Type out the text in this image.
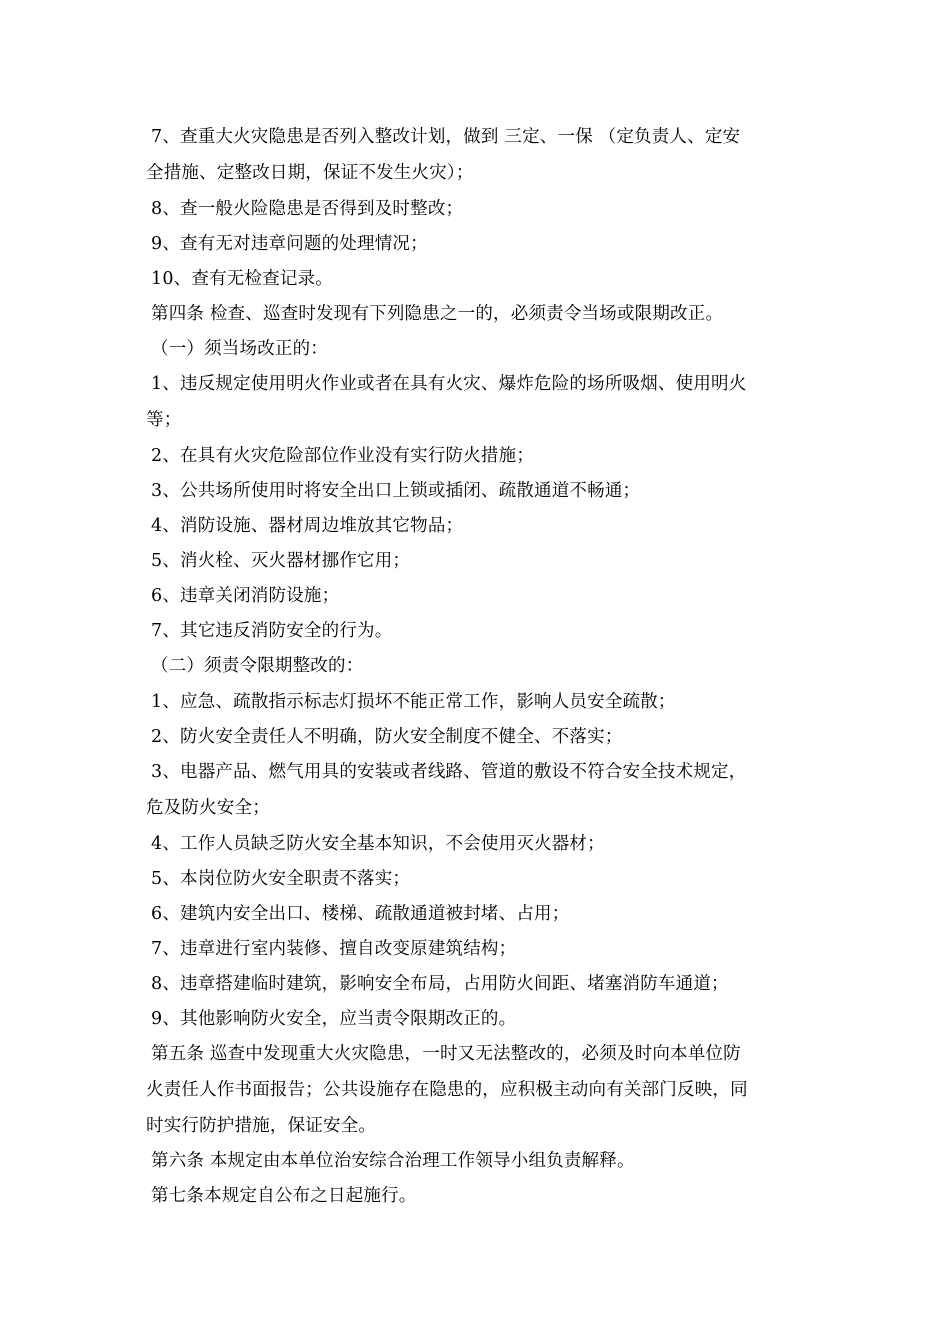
7、查重大火灾隐患是否列入整改计划，做到 三定、一保 （定负责人、定安
全措施、定整改日期，保证不发生火灾）；
8、查一般火险隐患是否得到及时整改；
9、查有无对违章问题的处理情况；
10、查有无检查记录。
第四条 检查、巡查时发现有下列隐患之一的，必须责令当场或限期改正。
（一）须当场改正的：
1、违反规定使用明火作业或者在具有火灾、爆炸危险的场所吸烟、使用明火
等；
2、在具有火灾危险部位作业没有实行防火措施；
3、公共场所使用时将安全出口上锁或插闭、疏散通道不畅通；
4、消防设施、器材周边堆放其它物品；
5、消火栓、灭火器材挪作它用；
6、违章关闭消防设施；
7、其它违反消防安全的行为。
（二）须责令限期整改的：
1、应急、疏散指示标志灯损坏不能正常工作，影响人员安全疏散；
2、防火安全责任人不明确，防火安全制度不健全、不落实；
3、电器产品、燃气用具的安装或者线路、管道的敷设不符合安全技术规定，
危及防火安全；
4、工作人员缺乏防火安全基本知识，不会使用灭火器材；
5、本岗位防火安全职责不落实；
6、建筑内安全出口、楼梯、疏散通道被封堵、占用；
7、违章进行室内装修、擅自改变原建筑结构；
8、违章搭建临时建筑，影响安全布局，占用防火间距、堵塞消防车通道；
9、其他影响防火安全，应当责令限期改正的。
第五条 巡查中发现重大火灾隐患，一时又无法整改的，必须及时向本单位防
火责任人作书面报告；公共设施存在隐患的，应积极主动向有关部门反映，同
时实行防护措施，保证安全。
第六条 本规定由本单位治安综合治理工作领导小组负责解释。
第七条本规定自公布之日起施行。
